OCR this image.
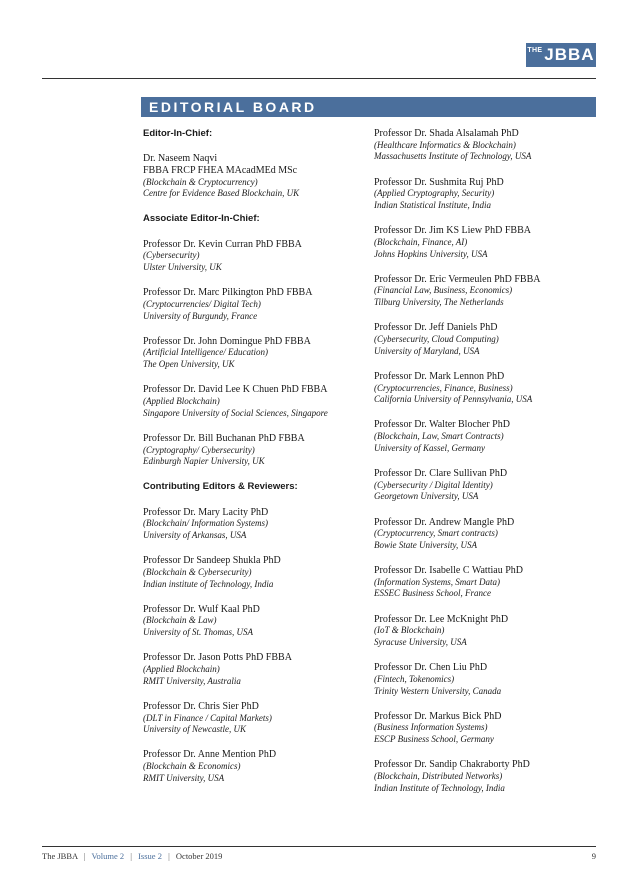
THE JBBA
EDITORIAL BOARD
Editor-In-Chief:
Dr. Naseem Naqvi
FBBA FRCP FHEA MAcadMEd MSc
(Blockchain & Cryptocurrency)
Centre for Evidence Based Blockchain, UK
Associate Editor-In-Chief:
Professor Dr. Kevin Curran PhD FBBA
(Cybersecurity)
Ulster University, UK
Professor Dr. Marc Pilkington PhD FBBA
(Cryptocurrencies/ Digital Tech)
University of Burgundy, France
Professor Dr. John Domingue PhD FBBA
(Artificial Intelligence/ Education)
The Open University, UK
Professor Dr. David Lee K Chuen PhD FBBA
(Applied Blockchain)
Singapore University of Social Sciences, Singapore
Professor Dr. Bill Buchanan PhD FBBA
(Cryptography/ Cybersecurity)
Edinburgh Napier University, UK
Contributing Editors & Reviewers:
Professor Dr. Mary Lacity PhD
(Blockchain/ Information Systems)
University of Arkansas, USA
Professor Dr Sandeep Shukla PhD
(Blockchain & Cybersecurity)
Indian institute of Technology, India
Professor Dr. Wulf Kaal PhD
(Blockchain & Law)
University of St. Thomas, USA
Professor Dr. Jason Potts PhD FBBA
(Applied Blockchain)
RMIT University, Australia
Professor Dr. Chris Sier PhD
(DLT in Finance / Capital Markets)
University of Newcastle, UK
Professor Dr. Anne Mention PhD
(Blockchain & Economics)
RMIT University, USA
Professor Dr. Shada Alsalamah PhD
(Healthcare Informatics & Blockchain)
Massachusetts Institute of Technology, USA
Professor Dr. Sushmita Ruj PhD
(Applied Cryptography, Security)
Indian Statistical Institute, India
Professor Dr. Jim KS Liew PhD FBBA
(Blockchain, Finance, AI)
Johns Hopkins University, USA
Professor Dr. Eric Vermeulen PhD FBBA
(Financial Law, Business, Economics)
Tilburg University, The Netherlands
Professor Dr. Jeff Daniels PhD
(Cybersecurity, Cloud Computing)
University of Maryland, USA
Professor Dr. Mark Lennon PhD
(Cryptocurrencies, Finance, Business)
California University of Pennsylvania, USA
Professor Dr. Walter Blocher PhD
(Blockchain, Law, Smart Contracts)
University of Kassel, Germany
Professor Dr. Clare Sullivan PhD
(Cybersecurity / Digital Identity)
Georgetown University, USA
Professor Dr. Andrew Mangle PhD
(Cryptocurrency, Smart contracts)
Bowie State University, USA
Professor Dr. Isabelle C Wattiau PhD
(Information Systems, Smart Data)
ESSEC Business School, France
Professor Dr. Lee McKnight PhD
(IoT & Blockchain)
Syracuse University, USA
Professor Dr. Chen Liu PhD
(Fintech, Tokenomics)
Trinity Western University, Canada
Professor Dr. Markus Bick PhD
(Business Information Systems)
ESCP Business School, Germany
Professor Dr. Sandip Chakraborty PhD
(Blockchain, Distributed Networks)
Indian Institute of Technology, India
The JBBA | Volume 2 | Issue 2 | October 2019	9
